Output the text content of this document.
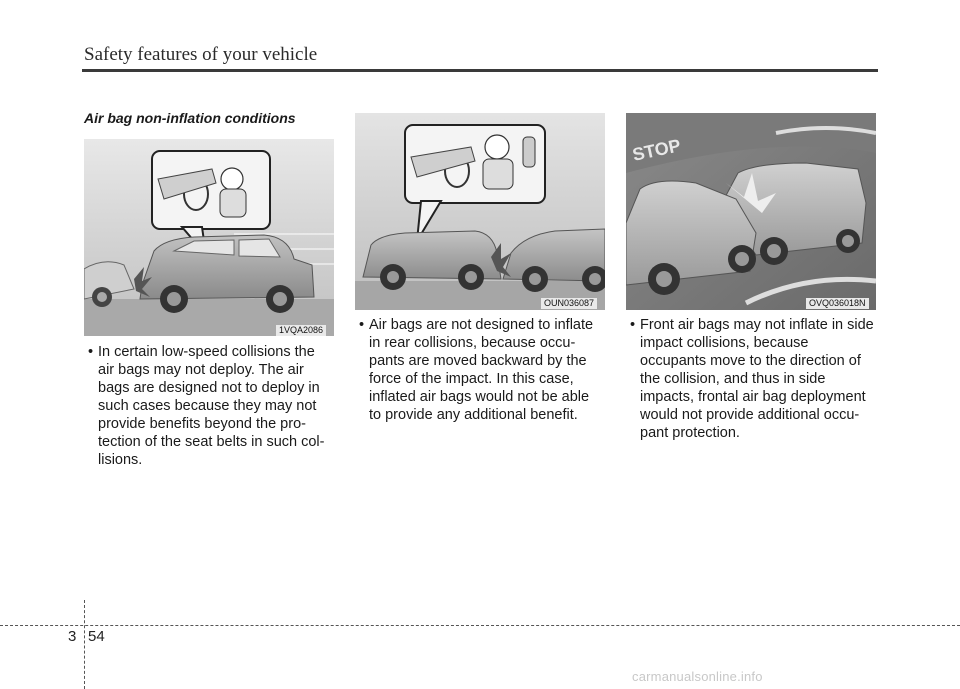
Safety features of your vehicle
Air bag non-inflation conditions
1VQA2086
OUN036087
STOP
OVQ036018N

• In certain low-speed collisions the air bags may not deploy. The air bags are designed not to deploy in such cases because they may not provide benefits beyond the pro-tection of the seat belts in such col-lisions.

• Air bags are not designed to inflate in rear collisions, because occu-pants are moved backward by the force of the impact. In this case, inflated air bags would not be able to provide any additional benefit.

• Front air bags may not inflate in side impact collisions, because occupants move to the direction of the collision, and thus in side impacts, frontal air bag deployment would not provide additional occu-pant protection.

3 54
carmanualsonline.info
